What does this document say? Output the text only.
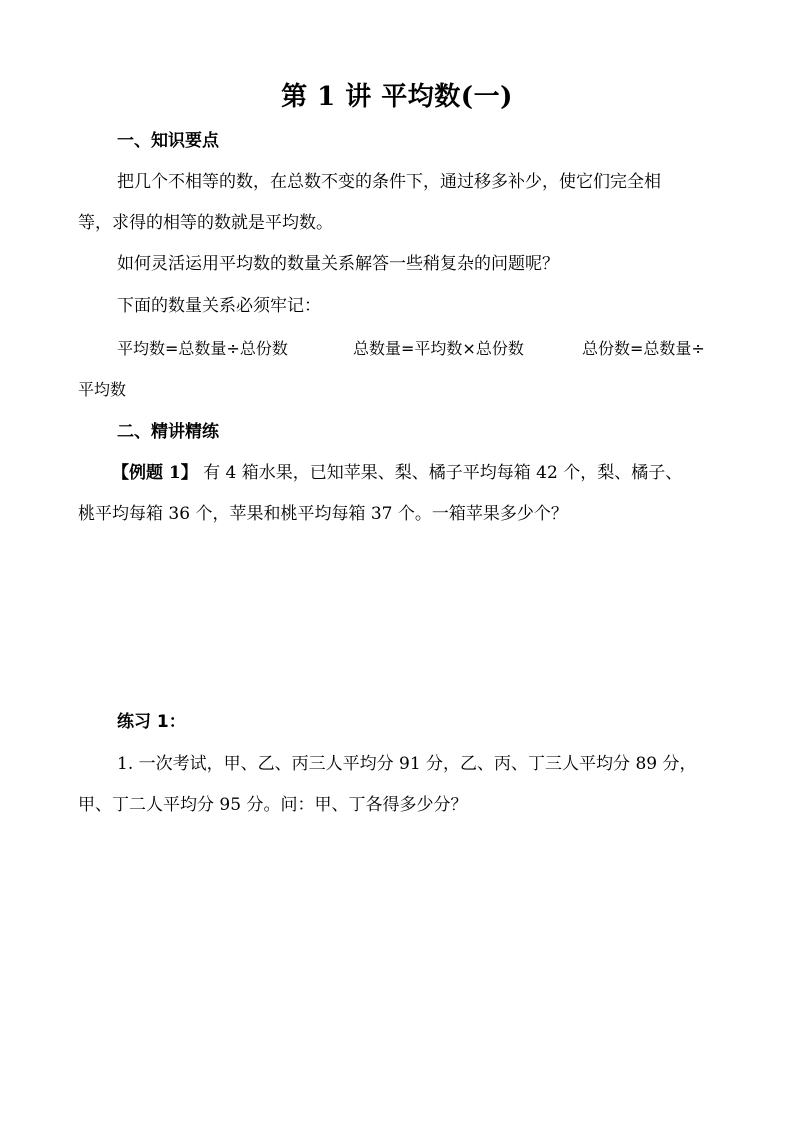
第 1 讲 平均数(一)
一、知识要点
把几个不相等的数，在总数不变的条件下，通过移多补少，使它们完全相
等，求得的相等的数就是平均数。
如何灵活运用平均数的数量关系解答一些稍复杂的问题呢？
下面的数量关系必须牢记：
平均数=总数量÷总份数	总数量=平均数×总份数	总份数=总数量÷
平均数
二、精讲精练
【例题 1】 有 4 箱水果，已知苹果、梨、橘子平均每箱 42 个，梨、橘子、
桃平均每箱 36 个，苹果和桃平均每箱 37 个。一箱苹果多少个？
练习 1：
1. 一次考试，甲、乙、丙三人平均分 91 分，乙、丙、丁三人平均分 89 分，
甲、丁二人平均分 95 分。问：甲、丁各得多少分？
